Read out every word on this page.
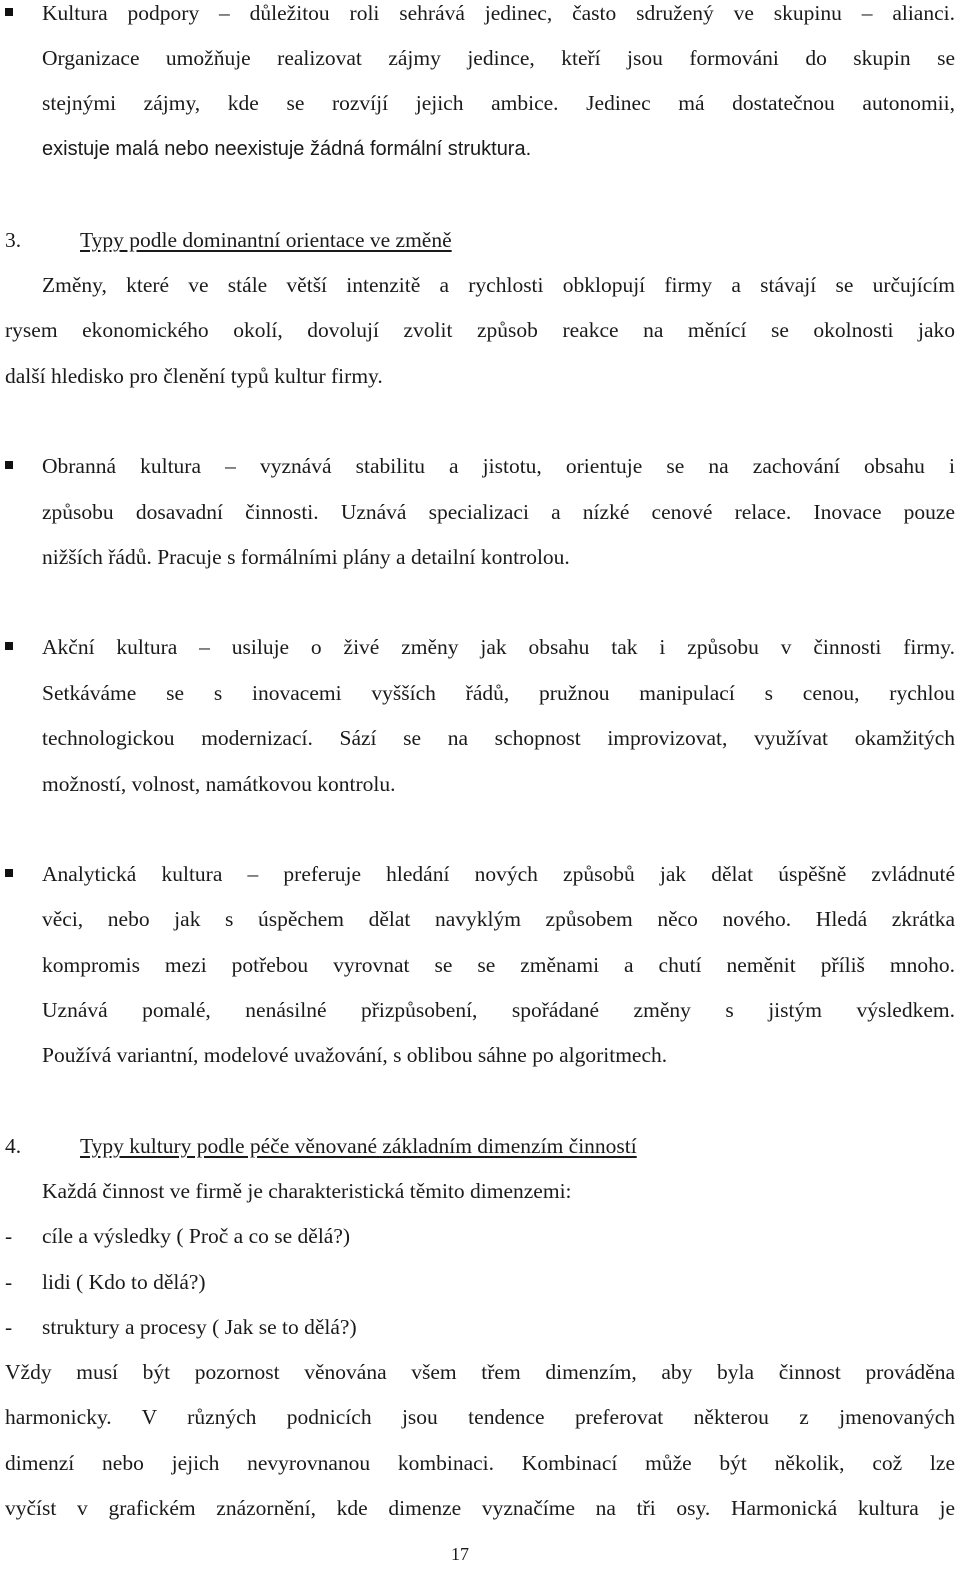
Kultura podpory – důležitou roli sehrává jedinec, často sdružený ve skupinu – alianci.
Organizace umožňuje realizovat zájmy jedince, kteří jsou formováni do skupin se
stejnými zájmy, kde se rozvíjí jejich ambice. Jedinec má dostatečnou autonomii,
existuje malá nebo neexistuje žádná formální struktura.
3.	Typy podle dominantní orientace ve změně
Změny, které ve stále větší intenzitě a rychlosti obklopují firmy a stávají se určujícím
rysem ekonomického okolí, dovolují zvolit způsob reakce na měnící se okolnosti jako
další hledisko pro členění typů kultur firmy.
Obranná kultura – vyznává stabilitu a jistotu, orientuje se na zachování obsahu i
způsobu dosavadní činnosti. Uznává specializaci a nízké cenové relace. Inovace pouze
nižších řádů. Pracuje s formálními plány a detailní kontrolou.
Akční kultura – usiluje o živé změny jak obsahu tak i způsobu v činnosti firmy.
Setkáváme se s inovacemi vyšších řádů, pružnou manipulací s cenou, rychlou
technologickou modernizací. Sází se na schopnost improvizovat, využívat okamžitých
možností, volnost, namátkovou kontrolu.
Analytická kultura – preferuje hledání nových způsobů jak dělat úspěšně zvládnuté
věci, nebo jak s úspěchem dělat navyklým způsobem něco nového. Hledá zkrátka
kompromis mezi potřebou vyrovnat se se změnami a chutí neměnit příliš mnoho.
Uznává pomalé, nenásilné přizpůsobení, spořádané změny s jistým výsledkem.
Používá variantní, modelové uvažování, s oblibou sáhne po algoritmech.
4.	Typy kultury podle péče věnované základním dimenzím činností
Každá činnost ve firmě je charakteristická těmito dimenzemi:
- cíle a výsledky ( Proč a co se dělá?)
- lidi ( Kdo to dělá?)
- struktury a procesy ( Jak se to dělá?)
Vždy musí být pozornost věnována všem třem dimenzím, aby byla činnost prováděna
harmonicky. V různých podnicích jsou tendence preferovat některou z jmenovaných
dimenzí nebo jejich nevyrovnanou kombinaci. Kombinací může být několik, což lze
vyčíst v grafickém znázornění, kde dimenze vyznačíme na tři osy. Harmonická kultura je
17
